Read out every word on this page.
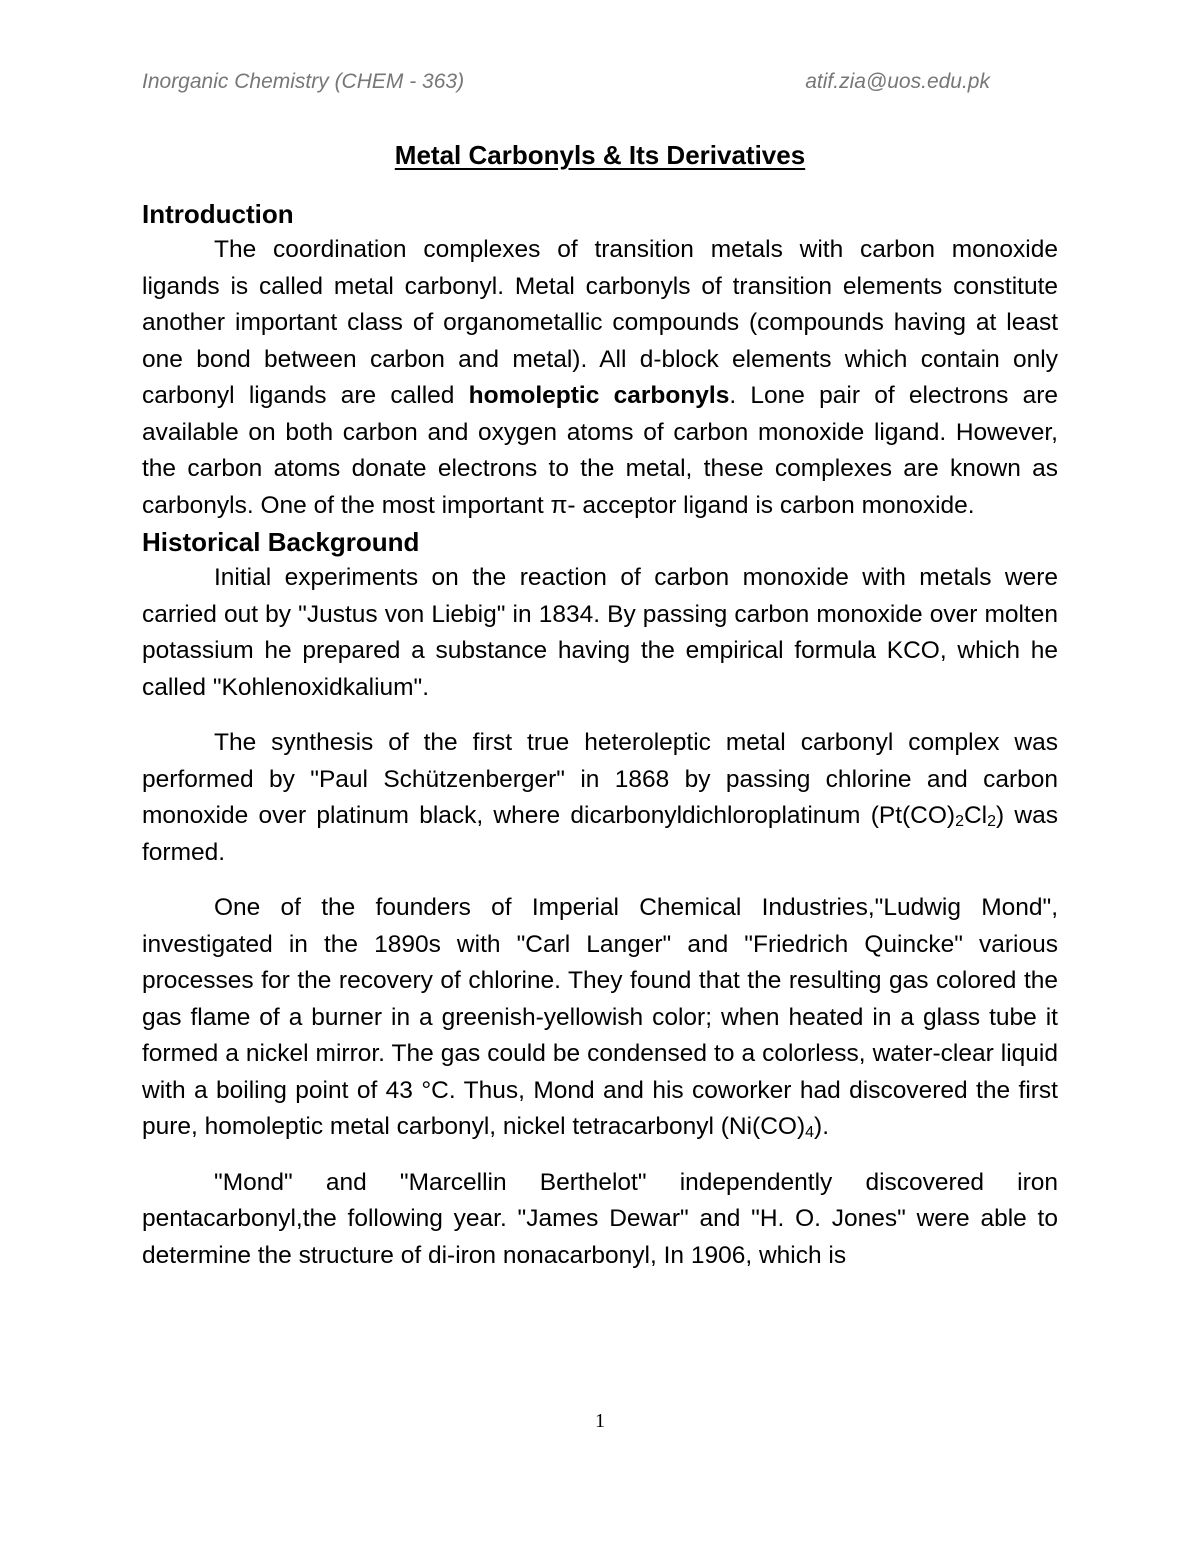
Inorganic Chemistry (CHEM - 363)	atif.zia@uos.edu.pk
Metal Carbonyls & Its Derivatives
Introduction

The coordination complexes of transition metals with carbon monoxide ligands is called metal carbonyl. Metal carbonyls of transition elements constitute another important class of organometallic compounds (compounds having at least one bond between carbon and metal). All d-block elements which contain only carbonyl ligands are called homoleptic carbonyls. Lone pair of electrons are available on both carbon and oxygen atoms of carbon monoxide ligand. However, the carbon atoms donate electrons to the metal, these complexes are known as carbonyls. One of the most important π- acceptor ligand is carbon monoxide.

Historical Background

Initial experiments on the reaction of carbon monoxide with metals were carried out by "Justus von Liebig" in 1834. By passing carbon monoxide over molten potassium he prepared a substance having the empirical formula KCO, which he called "Kohlenoxidkalium".

The synthesis of the first true heteroleptic metal carbonyl complex was performed by "Paul Schützenberger" in 1868 by passing chlorine and carbon monoxide over platinum black, where dicarbonyldichloroplatinum $(Pt(CO)_2Cl_2)$ was formed.

One of the founders of Imperial Chemical Industries,"Ludwig Mond", investigated in the 1890s with "Carl Langer" and "Friedrich Quincke" various processes for the recovery of chlorine. They found that the resulting gas colored the gas flame of a burner in a greenish-yellowish color; when heated in a glass tube it formed a nickel mirror. The gas could be condensed to a colorless, water-clear liquid with a boiling point of 43 °C. Thus, Mond and his coworker had discovered the first pure, homoleptic metal carbonyl, nickel tetracarbonyl $(Ni(CO)_4)$.

"Mond" and "Marcellin Berthelot" independently discovered iron pentacarbonyl,the following year. "James Dewar" and "H. O. Jones" were able to determine the structure of di-iron nonacarbonyl, In 1906, which is

1
